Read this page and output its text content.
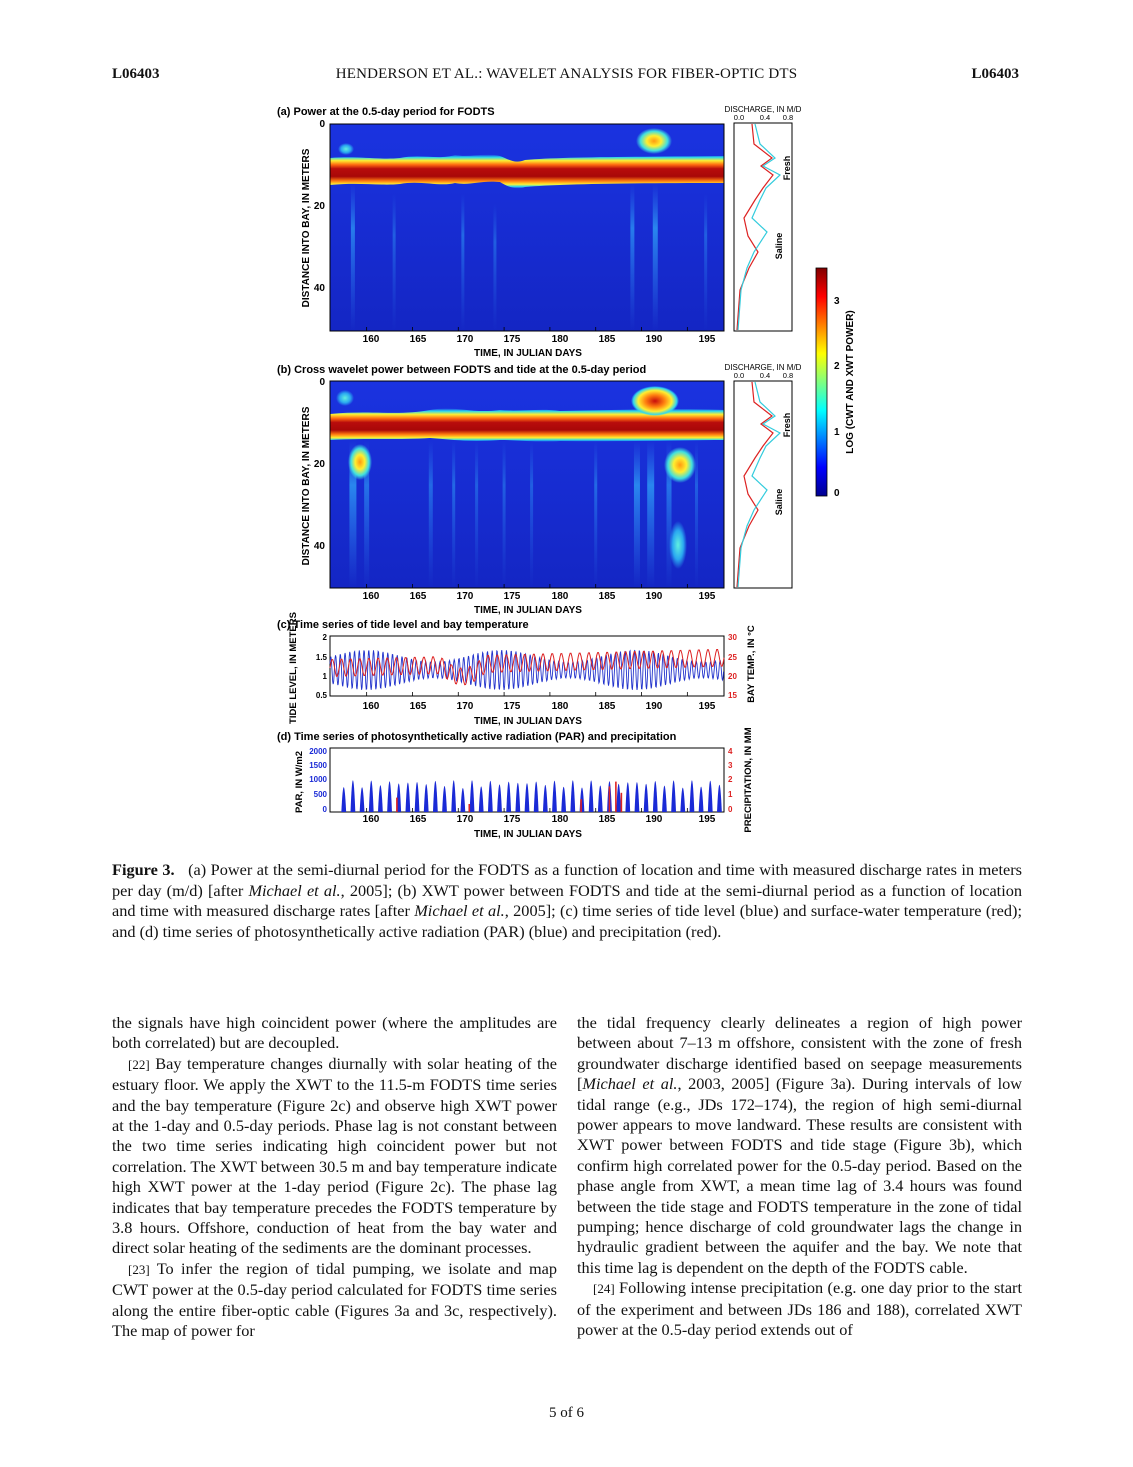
L06403	HENDERSON ET AL.: WAVELET ANALYSIS FOR FIBER-OPTIC DTS	L06403
(a) Power at the 0.5-day period for FODTS
0
20
40
DISTANCE INTO BAY, IN METERS
160	165	170	175	180	185	190	195
TIME, IN JULIAN DAYS
DISCHARGE, IN M/D
0.0 0.4 0.8
Fresh
Saline
(b) Cross wavelet power between FODTS and tide at the 0.5-day period
0
20
40
DISTANCE INTO BAY, IN METERS
160	165	170	175	180	185	190	195
TIME, IN JULIAN DAYS
DISCHARGE, IN M/D
0.0 0.4 0.8
Fresh
Saline	0
1
2
3
LOG (CWT AND XWT POWER)
(c) Time series of tide level and bay temperature
2
1.5
1
0.5
TIDE LEVEL, IN METERS	30
25
20
15 BAY TEMP., IN °C
160	165	170	175	180	185	190	195
TIME, IN JULIAN DAYS
(d) Time series of photosynthetically active radiation (PAR) and precipitation
2000
1500
1000
500
0
PAR, IN W/m2	4
3
2
1
0 PRECIPITATION, IN MM
160	165	170	175	180	185	190	195
TIME, IN JULIAN DAYS
Figure 3. (a) Power at the semi-diurnal period for the FODTS as a function of location and time with measured discharge rates in meters per day (m/d) [after Michael et al., 2005]; (b) XWT power between FODTS and tide at the semi-diurnal period as a function of location and time with measured discharge rates [after Michael et al., 2005]; (c) time series of tide level (blue) and surface-water temperature (red); and (d) time series of photosynthetically active radiation (PAR) (blue) and precipitation (red).

the signals have high coincident power (where the amplitudes are both correlated) but are decoupled.

[22] Bay temperature changes diurnally with solar heating of the estuary floor. We apply the XWT to the 11.5-m FODTS time series and the bay temperature (Figure 2c) and observe high XWT power at the 1-day and 0.5-day periods. Phase lag is not constant between the two time series indicating high coincident power but not correlation. The XWT between 30.5 m and bay temperature indicate high XWT power at the 1-day period (Figure 2c). The phase lag indicates that bay temperature precedes the FODTS temperature by 3.8 hours. Offshore, conduction of heat from the bay water and direct solar heating of the sediments are the dominant processes.

[23] To infer the region of tidal pumping, we isolate and map CWT power at the 0.5-day period calculated for FODTS time series along the entire fiber-optic cable (Figures 3a and 3c, respectively). The map of power for

the tidal frequency clearly delineates a region of high power between about 7–13 m offshore, consistent with the zone of fresh groundwater discharge identified based on seepage measurements [Michael et al., 2003, 2005] (Figure 3a). During intervals of low tidal range (e.g., JDs 172–174), the region of high semi-diurnal power appears to move landward. These results are consistent with XWT power between FODTS and tide stage (Figure 3b), which confirm high correlated power for the 0.5-day period. Based on the phase angle from XWT, a mean time lag of 3.4 hours was found between the tide stage and FODTS temperature in the zone of tidal pumping; hence discharge of cold groundwater lags the change in hydraulic gradient between the aquifer and the bay. We note that this time lag is dependent on the depth of the FODTS cable.

[24] Following intense precipitation (e.g. one day prior to the start of the experiment and between JDs 186 and 188), correlated XWT power at the 0.5-day period extends out of

5 of 6
